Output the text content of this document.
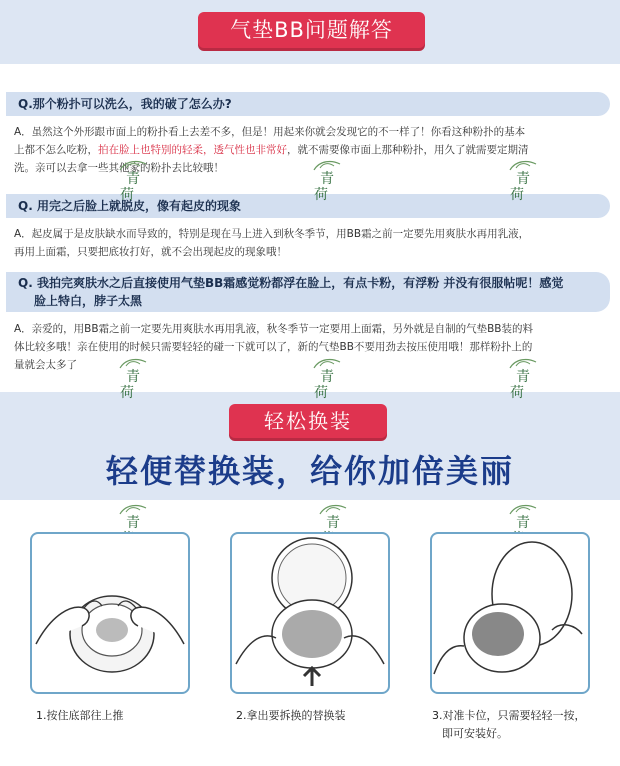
气垫BB问题解答
Q.那个粉扑可以洗么，我的破了怎么办?
A．虽然这个外形跟市面上的粉扑看上去差不多，但是！用起来你就会发现它的不一样了！你看这种粉扑的基本
上都不怎么吃粉，拍在脸上也特别的轻柔，透气性也非常好，就不需要像市面上那种粉扑，用久了就需要定期清
洗。亲可以去拿一些其他家的粉扑去比较哦！
Q. 用完之后脸上就脱皮，像有起皮的现象
A．起皮属于是皮肤缺水而导致的，特别是现在马上进入到秋冬季节，用BB霜之前一定要先用爽肤水再用乳液，
再用上面霜，只要把底妆打好，就不会出现起皮的现象哦！
Q. 我拍完爽肤水之后直接使用气垫BB霜感觉粉都浮在脸上，有点卡粉，有浮粉 并没有很服帖呢！感觉
脸上特白，脖子太黑
A．亲爱的，用BB霜之前一定要先用爽肤水再用乳液，秋冬季节一定要用上面霜，另外就是自制的气垫BB装的料
体比较多哦！亲在使用的时候只需要轻轻的碰一下就可以了，新的气垫BB不要用劲去按压使用哦！那样粉扑上的
量就会太多了
轻松换装
轻便替换装，给你加倍美丽
青
荷
青
荷
青
荷
青
荷
青
荷
青
荷
青	青	青
1.按住底部往上推	2.拿出要拆换的替换装	3.对准卡位，只需要轻轻一按，
即可安装好。
